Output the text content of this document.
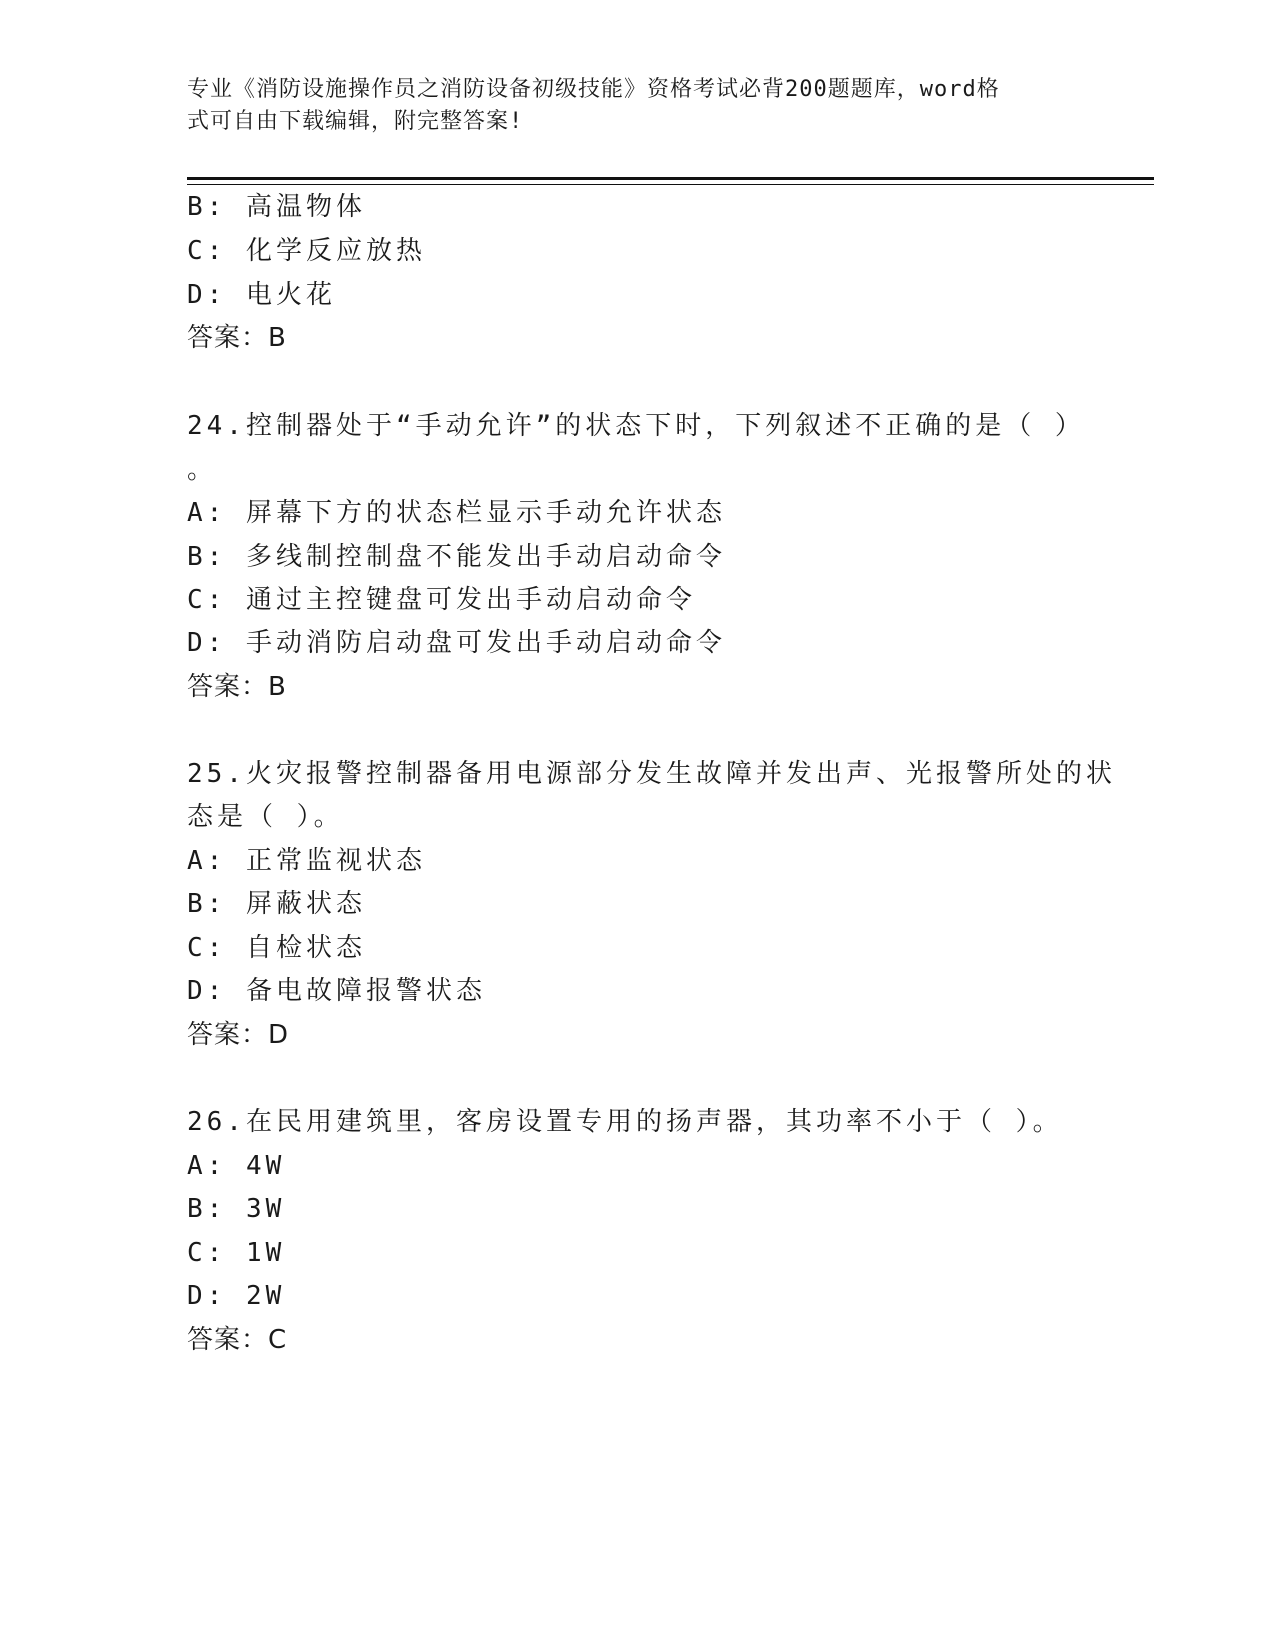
专业《消防设施操作员之消防设备初级技能》资格考试必背200题题库，word格
式可自由下载编辑，附完整答案!
B: 高温物体
C: 化学反应放热
D: 电火花
答案：B
24.控制器处于“手动允许”的状态下时，下列叙述不正确的是（ ）
。
A: 屏幕下方的状态栏显示手动允许状态
B: 多线制控制盘不能发出手动启动命令
C: 通过主控键盘可发出手动启动命令
D: 手动消防启动盘可发出手动启动命令
答案：B
25.火灾报警控制器备用电源部分发生故障并发出声、光报警所处的状
态是（ ）。
A: 正常监视状态
B: 屏蔽状态
C: 自检状态
D: 备电故障报警状态
答案：D
26.在民用建筑里，客房设置专用的扬声器，其功率不小于（ ）。
A: 4W
B: 3W
C: 1W
D: 2W
答案：C
